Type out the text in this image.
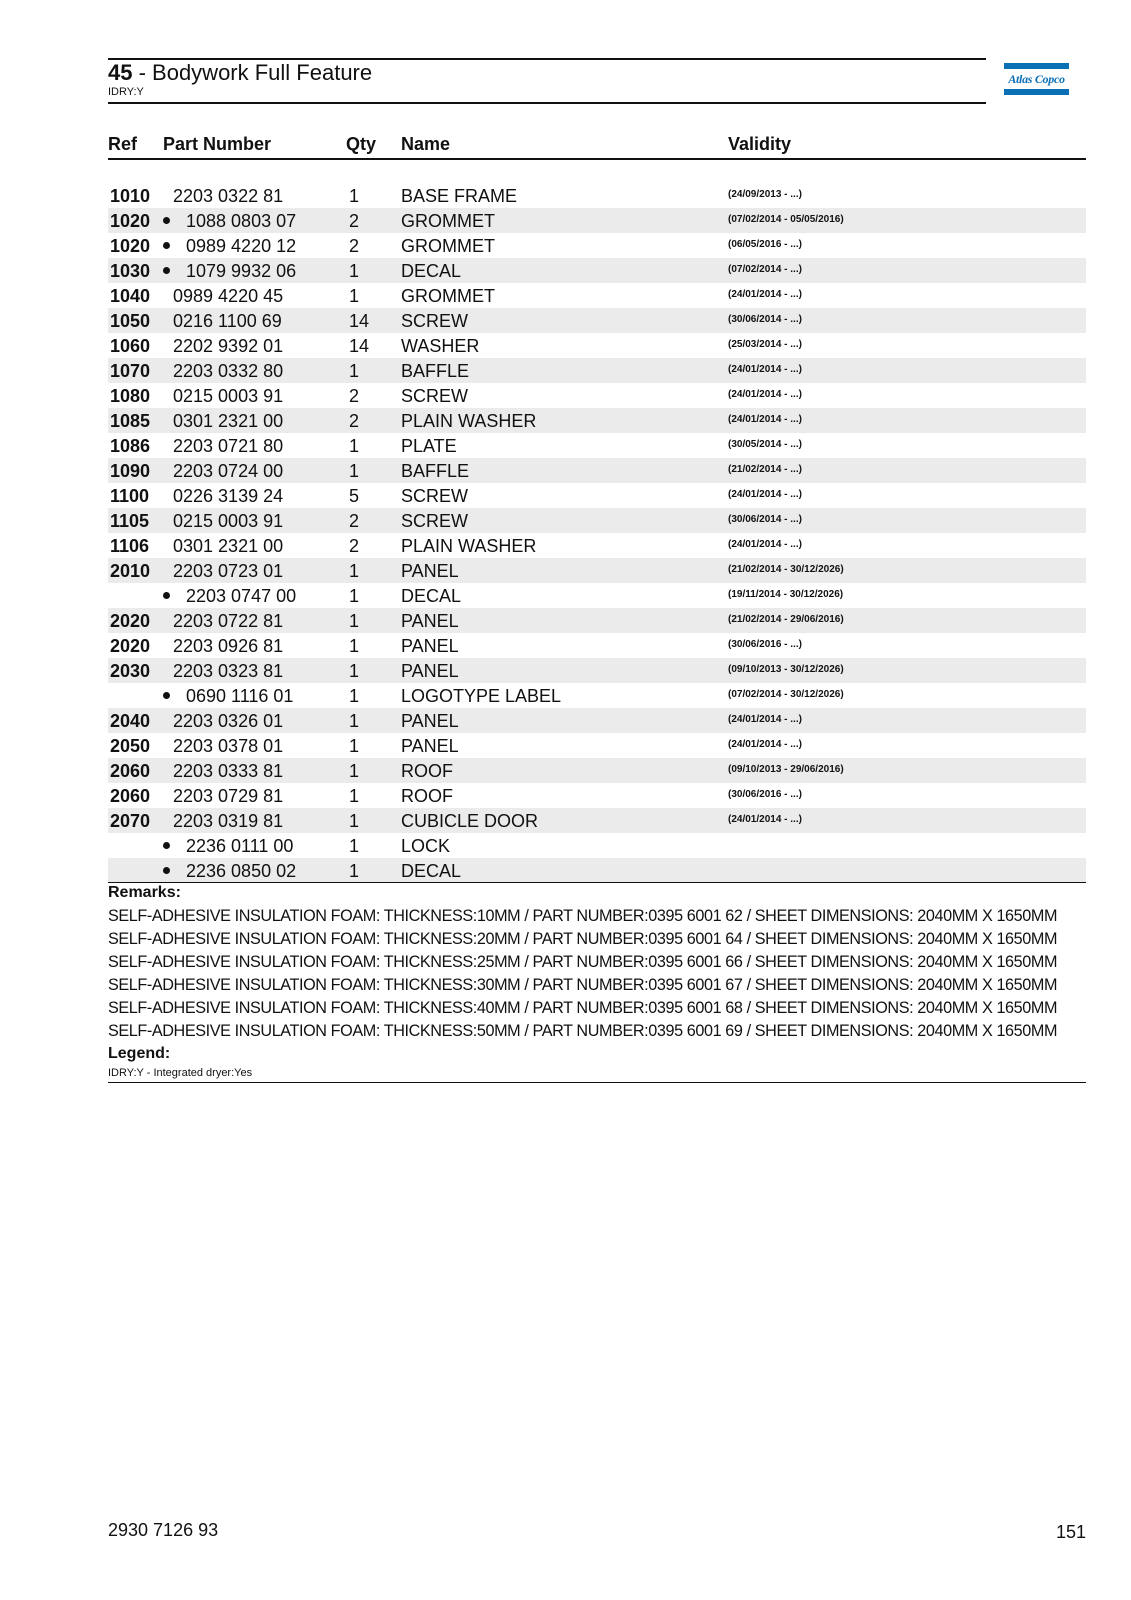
45 - Bodywork Full Feature
IDRY:Y
Atlas Copco
Ref Part Number	Qty Name	Validity
1010 2203 0322 81	1 BASE FRAME	(24/09/2013 - ...)
1020 1088 0803 07	2 GROMMET	(07/02/2014 - 05/05/2016)
1020 0989 4220 12	2 GROMMET	(06/05/2016 - ...)
1030 1079 9932 06	1 DECAL	(07/02/2014 - ...)
1040 0989 4220 45	1 GROMMET	(24/01/2014 - ...)
1050 0216 1100 69	14 SCREW	(30/06/2014 - ...)
1060 2202 9392 01	14 WASHER	(25/03/2014 - ...)
1070 2203 0332 80	1 BAFFLE	(24/01/2014 - ...)
1080 0215 0003 91	2 SCREW	(24/01/2014 - ...)
1085 0301 2321 00	2 PLAIN WASHER	(24/01/2014 - ...)
1086 2203 0721 80	1 PLATE	(30/05/2014 - ...)
1090 2203 0724 00	1 BAFFLE	(21/02/2014 - ...)
1100 0226 3139 24	5 SCREW	(24/01/2014 - ...)
1105 0215 0003 91	2 SCREW	(30/06/2014 - ...)
1106 0301 2321 00	2 PLAIN WASHER	(24/01/2014 - ...)
2010 2203 0723 01	1 PANEL	(21/02/2014 - 30/12/2026)
2203 0747 00	1 DECAL	(19/11/2014 - 30/12/2026)
2020 2203 0722 81	1 PANEL	(21/02/2014 - 29/06/2016)
2020 2203 0926 81	1 PANEL	(30/06/2016 - ...)
2030 2203 0323 81	1 PANEL	(09/10/2013 - 30/12/2026)
0690 1116 01	1 LOGOTYPE LABEL	(07/02/2014 - 30/12/2026)
2040 2203 0326 01	1 PANEL	(24/01/2014 - ...)
2050 2203 0378 01	1 PANEL	(24/01/2014 - ...)
2060 2203 0333 81	1 ROOF	(09/10/2013 - 29/06/2016)
2060 2203 0729 81	1 ROOF	(30/06/2016 - ...)
2070 2203 0319 81	1 CUBICLE DOOR	(24/01/2014 - ...)
2236 0111 00	1 LOCK
2236 0850 02	1 DECAL
Remarks:
SELF-ADHESIVE INSULATION FOAM: THICKNESS:10MM / PART NUMBER:0395 6001 62 / SHEET DIMENSIONS: 2040MM X 1650MM
SELF-ADHESIVE INSULATION FOAM: THICKNESS:20MM / PART NUMBER:0395 6001 64 / SHEET DIMENSIONS: 2040MM X 1650MM
SELF-ADHESIVE INSULATION FOAM: THICKNESS:25MM / PART NUMBER:0395 6001 66 / SHEET DIMENSIONS: 2040MM X 1650MM
SELF-ADHESIVE INSULATION FOAM: THICKNESS:30MM / PART NUMBER:0395 6001 67 / SHEET DIMENSIONS: 2040MM X 1650MM
SELF-ADHESIVE INSULATION FOAM: THICKNESS:40MM / PART NUMBER:0395 6001 68 / SHEET DIMENSIONS: 2040MM X 1650MM
SELF-ADHESIVE INSULATION FOAM: THICKNESS:50MM / PART NUMBER:0395 6001 69 / SHEET DIMENSIONS: 2040MM X 1650MM
Legend:
IDRY:Y - Integrated dryer:Yes
2930 7126 93	151
